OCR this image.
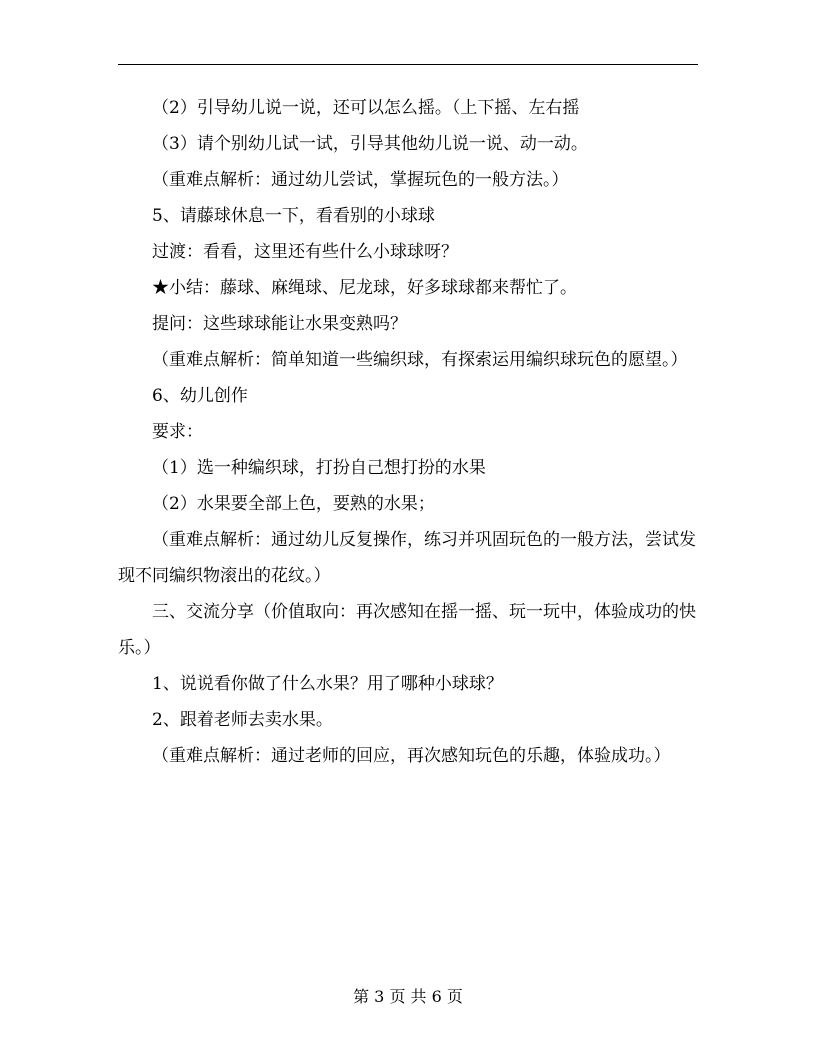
（2）引导幼儿说一说，还可以怎么摇。（上下摇、左右摇

（3）请个别幼儿试一试，引导其他幼儿说一说、动一动。

（重难点解析：通过幼儿尝试，掌握玩色的一般方法。）

5、请藤球休息一下，看看别的小球球

过渡：看看，这里还有些什么小球球呀？

★小结：藤球、麻绳球、尼龙球，好多球球都来帮忙了。

提问：这些球球能让水果变熟吗？

（重难点解析：简单知道一些编织球，有探索运用编织球玩色的愿望。）

6、幼儿创作

要求：

（1）选一种编织球，打扮自己想打扮的水果

（2）水果要全部上色，要熟的水果；

（重难点解析：通过幼儿反复操作，练习并巩固玩色的一般方法，尝试发现不同编织物滚出的花纹。）

三、交流分享（价值取向：再次感知在摇一摇、玩一玩中，体验成功的快乐。）

1、说说看你做了什么水果？用了哪种小球球？

2、跟着老师去卖水果。

（重难点解析：通过老师的回应，再次感知玩色的乐趣，体验成功。）

第 3 页 共 6 页
